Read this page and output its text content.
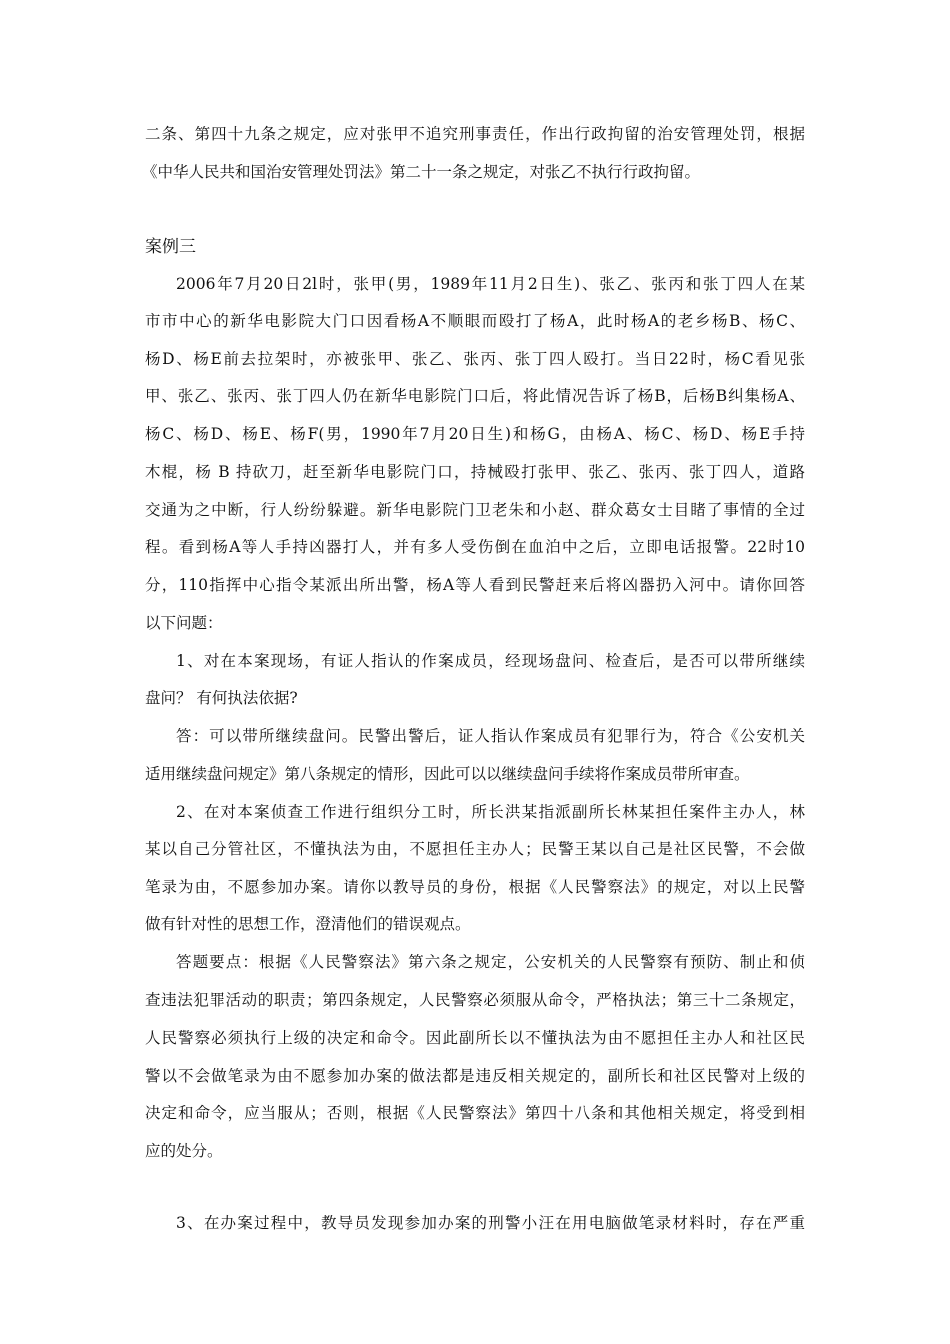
二条、第四十九条之规定，应对张甲不追究刑事责任，作出行政拘留的治安管理处罚，根据
《中华人民共和国治安管理处罚法》第二十一条之规定，对张乙不执行行政拘留。
案例三
2006年7月20日2l时，张甲(男，1989年11月2日生)、张乙、张丙和张丁四人在某
市市中心的新华电影院大门口因看杨A不顺眼而殴打了杨A，此时杨A的老乡杨B、杨C、
杨D、杨E前去拉架时，亦被张甲、张乙、张丙、张丁四人殴打。当日22时，杨C看见张
甲、张乙、张丙、张丁四人仍在新华电影院门口后，将此情况告诉了杨B，后杨B纠集杨A、
杨C、杨D、杨E、杨F(男，1990年7月20日生)和杨G，由杨A、杨C、杨D、杨E手持
木棍，杨 B 持砍刀，赶至新华电影院门口，持械殴打张甲、张乙、张丙、张丁四人，道路
交通为之中断，行人纷纷躲避。新华电影院门卫老朱和小赵、群众葛女士目睹了事情的全过
程。看到杨A等人手持凶器打人，并有多人受伤倒在血泊中之后，立即电话报警。22时10
分，110指挥中心指令某派出所出警，杨A等人看到民警赶来后将凶器扔入河中。请你回答
以下问题：
1、对在本案现场，有证人指认的作案成员，经现场盘问、检查后，是否可以带所继续
盘问？ 有何执法依据?
答：可以带所继续盘问。民警出警后，证人指认作案成员有犯罪行为，符合《公安机关
适用继续盘问规定》第八条规定的情形，因此可以以继续盘问手续将作案成员带所审查。
2、在对本案侦查工作进行组织分工时，所长洪某指派副所长林某担任案件主办人，林
某以自己分管社区，不懂执法为由，不愿担任主办人；民警王某以自己是社区民警，不会做
笔录为由，不愿参加办案。请你以教导员的身份，根据《人民警察法》的规定，对以上民警
做有针对性的思想工作，澄清他们的错误观点。
答题要点：根据《人民警察法》第六条之规定，公安机关的人民警察有预防、制止和侦
查违法犯罪活动的职责；第四条规定，人民警察必须服从命令，严格执法；第三十二条规定，
人民警察必须执行上级的决定和命令。因此副所长以不懂执法为由不愿担任主办人和社区民
警以不会做笔录为由不愿参加办案的做法都是违反相关规定的，副所长和社区民警对上级的
决定和命令，应当服从；否则，根据《人民警察法》第四十八条和其他相关规定，将受到相
应的处分。
3、在办案过程中，教导员发现参加办案的刑警小汪在用电脑做笔录材料时，存在严重
